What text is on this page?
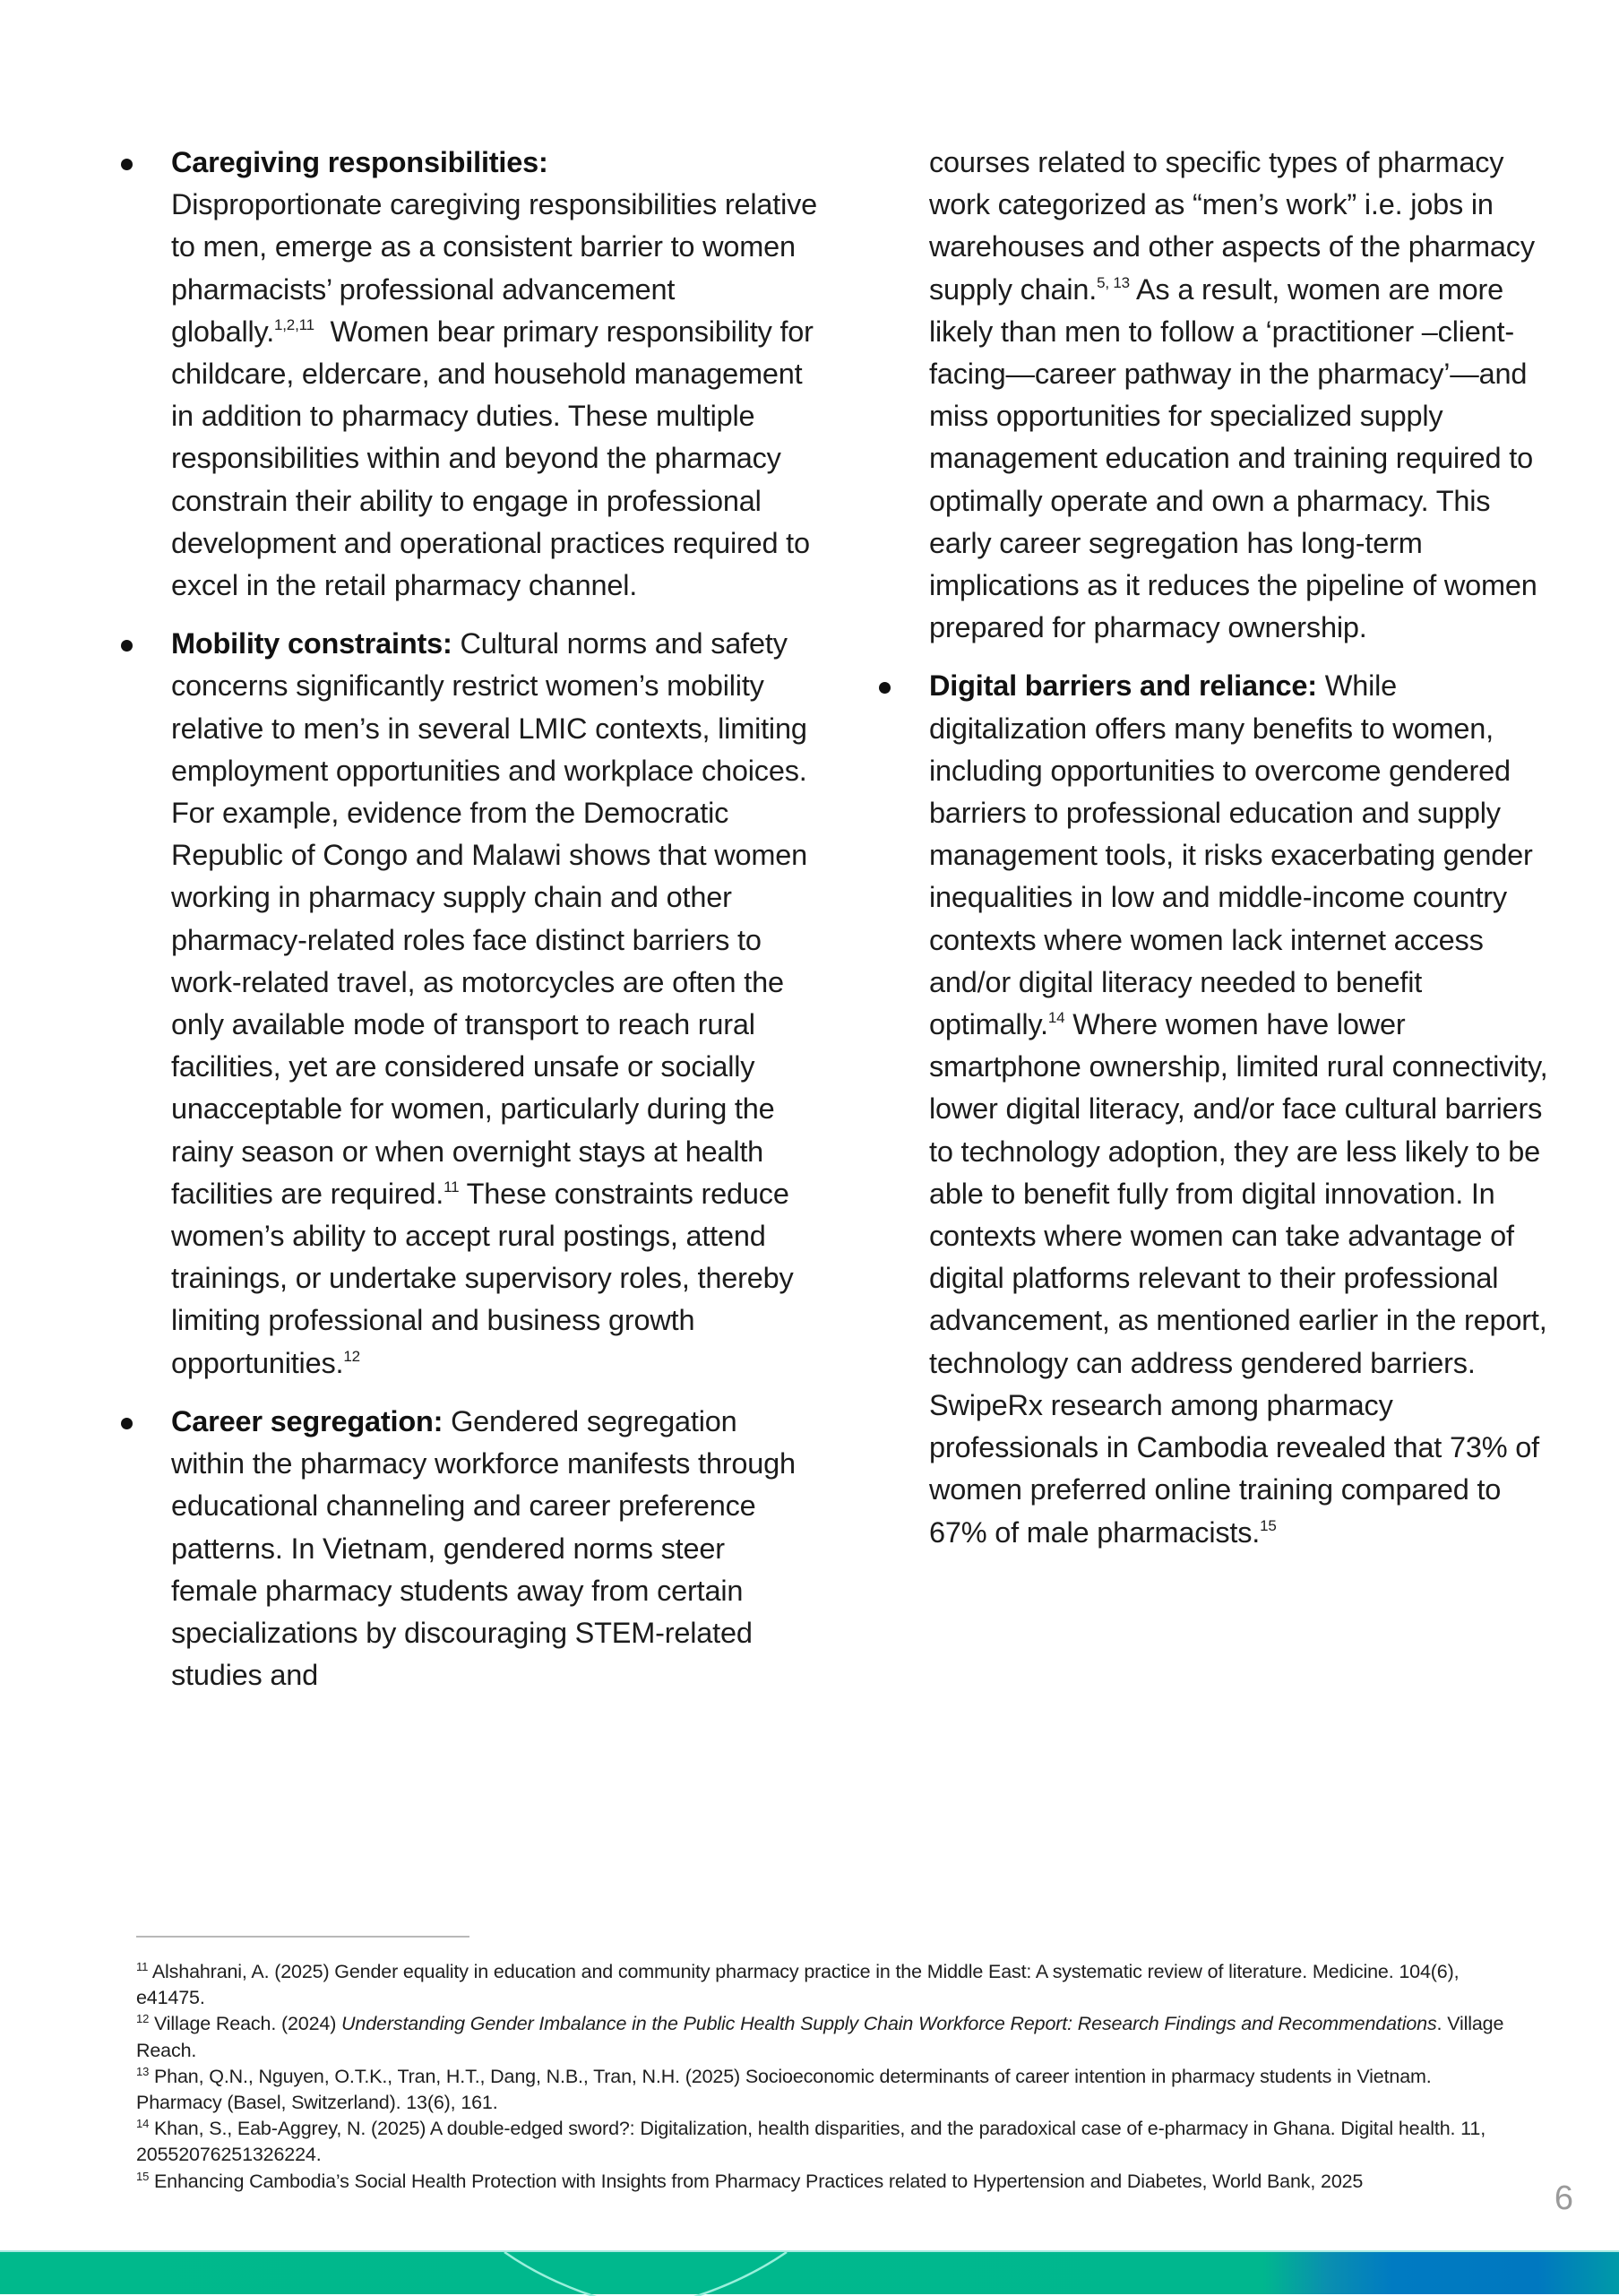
Caregiving responsibilities:
Disproportionate caregiving responsibilities relative to men, emerge as a consistent barrier to women pharmacists’ professional advancement globally.$^{1,2,11}$  Women bear primary responsibility for childcare, eldercare, and household management in addition to pharmacy duties. These multiple responsibilities within and beyond the pharmacy constrain their ability to engage in professional development and operational practices required to excel in the retail pharmacy channel.
Mobility constraints: Cultural norms and safety concerns significantly restrict women’s mobility relative to men’s in several LMIC contexts, limiting employment opportunities and workplace choices. For example, evidence from the Democratic Republic of Congo and Malawi shows that women working in pharmacy supply chain and other pharmacy-related roles face distinct barriers to work-related travel, as motorcycles are often the only available mode of transport to reach rural facilities, yet are considered unsafe or socially unacceptable for women, particularly during the rainy season or when overnight stays at health facilities are required.$^{11}$ These constraints reduce women’s ability to accept rural postings, attend trainings, or undertake supervisory roles, thereby limiting professional and business growth opportunities.$^{12}$
Career segregation: Gendered segregation within the pharmacy workforce manifests through educational channeling and career preference patterns. In Vietnam, gendered norms steer female pharmacy students away from certain specializations by discouraging STEM-related studies and
courses related to specific types of pharmacy work categorized as “men’s work” i.e. jobs in warehouses and other aspects of the pharmacy supply chain.$^{5, 13}$ As a result, women are more likely than men to follow a ‘practitioner –client-facing—career pathway in the pharmacy’—and miss opportunities for specialized supply management education and training required to optimally operate and own a pharmacy. This early career segregation has long-term implications as it reduces the pipeline of women prepared for pharmacy ownership.
Digital barriers and reliance: While digitalization offers many benefits to women, including opportunities to overcome gendered barriers to professional education and supply management tools, it risks exacerbating gender inequalities in low and middle-income country contexts where women lack internet access and/or digital literacy needed to benefit optimally.$^{14}$ Where women have lower smartphone ownership, limited rural connectivity, lower digital literacy, and/or face cultural barriers to technology adoption, they are less likely to be able to benefit fully from digital innovation. In contexts where women can take advantage of digital platforms relevant to their professional advancement, as mentioned earlier in the report, technology can address gendered barriers. SwipeRx research among pharmacy professionals in Cambodia revealed that 73% of women preferred online training compared to 67% of male pharmacists.$^{15}$

$^{11}$ Alshahrani, A. (2025) Gender equality in education and community pharmacy practice in the Middle East: A systematic review of literature. Medicine. 104(6), e41475.

$^{12}$ Village Reach. (2024) Understanding Gender Imbalance in the Public Health Supply Chain Workforce Report: Research Findings and Recommendations. Village Reach.

$^{13}$ Phan, Q.N., Nguyen, O.T.K., Tran, H.T., Dang, N.B., Tran, N.H. (2025) Socioeconomic determinants of career intention in pharmacy students in Vietnam. Pharmacy (Basel, Switzerland). 13(6), 161.

$^{14}$ Khan, S., Eab-Aggrey, N. (2025) A double-edged sword?: Digitalization, health disparities, and the paradoxical case of e-pharmacy in Ghana. Digital health. 11, 20552076251326224.

$^{15}$ Enhancing Cambodia’s Social Health Protection with Insights from Pharmacy Practices related to Hypertension and Diabetes, World Bank, 2025	6
